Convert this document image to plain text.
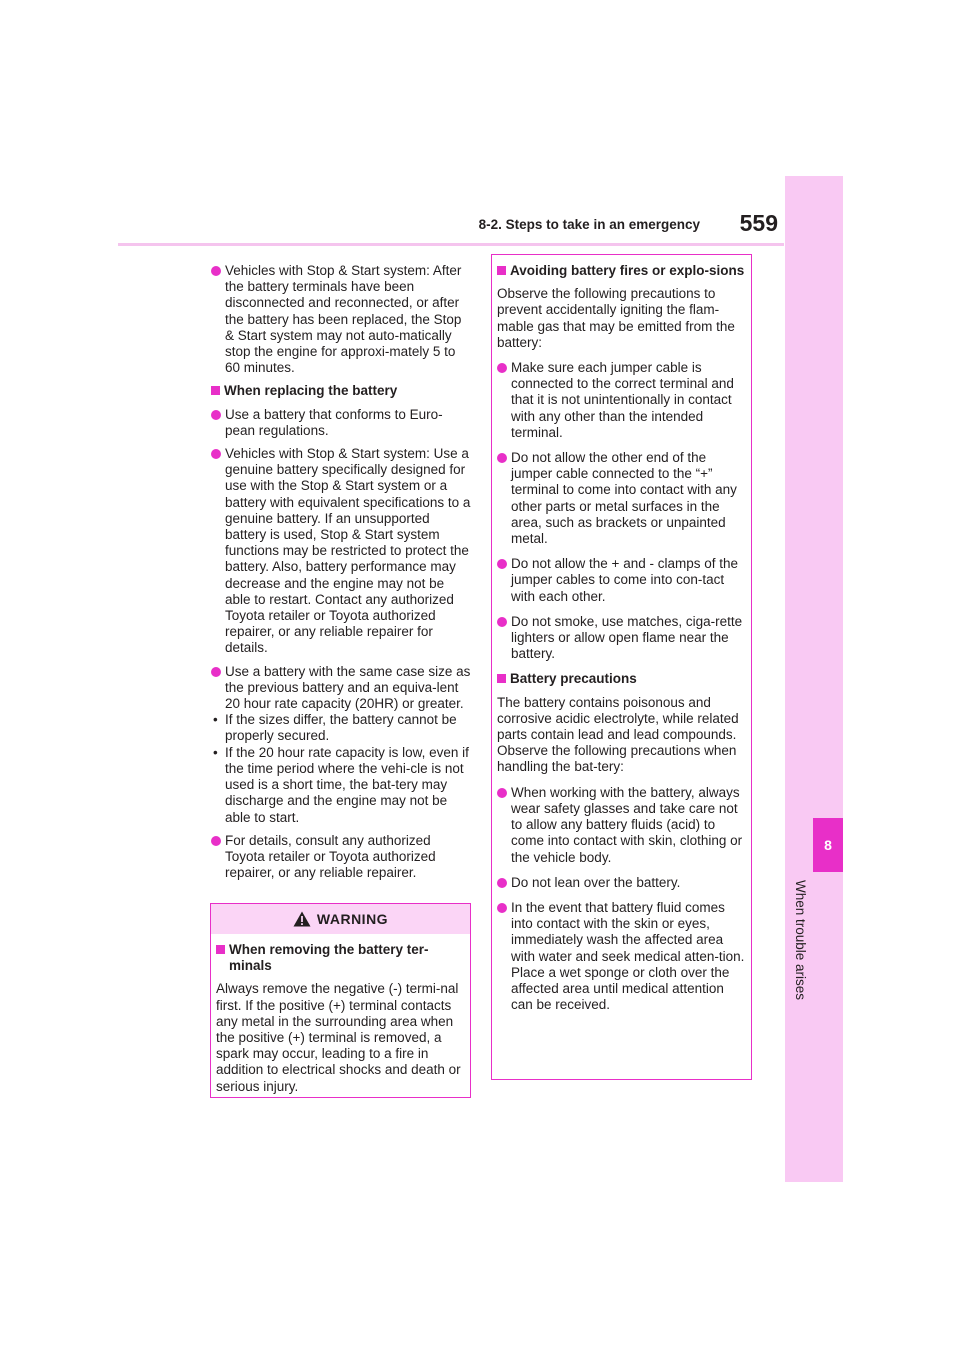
8
When trouble arises
8-2. Steps to take in an emergency	559

Vehicles with Stop & Start system: After the battery terminals have been disconnected and reconnected, or after the battery has been replaced, the Stop & Start system may not auto-matically stop the engine for approxi-mately 5 to 60 minutes.

When replacing the battery

Use a battery that conforms to Euro-pean regulations.

Vehicles with Stop & Start system: Use a genuine battery specifically designed for use with the Stop & Start system or a battery with equivalent specifications to a genuine battery. If an unsupported battery is used, Stop & Start system functions may be restricted to protect the battery. Also, battery performance may decrease and the engine may not be able to restart. Contact any authorized Toyota retailer or Toyota authorized repairer, or any reliable repairer for details.

Use a battery with the same case size as the previous battery and an equiva-lent 20 hour rate capacity (20HR) or greater.

• If the sizes differ, the battery cannot be properly secured.

• If the 20 hour rate capacity is low, even if the time period where the vehi-cle is not used is a short time, the bat-tery may discharge and the engine may not be able to start.

For details, consult any authorized Toyota retailer or Toyota authorized repairer, or any reliable repairer.

WARNING

When removing the battery ter-minals

Always remove the negative (-) termi-nal first. If the positive (+) terminal contacts any metal in the surrounding area when the positive (+) terminal is removed, a spark may occur, leading to a fire in addition to electrical shocks and death or serious injury.

Avoiding battery fires or explo-sions

Observe the following precautions to prevent accidentally igniting the flam-mable gas that may be emitted from the battery:

Make sure each jumper cable is connected to the correct terminal and that it is not unintentionally in contact with any other than the intended terminal.

Do not allow the other end of the jumper cable connected to the “+” terminal to come into contact with any other parts or metal surfaces in the area, such as brackets or unpainted metal.

Do not allow the + and - clamps of the jumper cables to come into con-tact with each other.

Do not smoke, use matches, ciga-rette lighters or allow open flame near the battery.

Battery precautions

The battery contains poisonous and corrosive acidic electrolyte, while related parts contain lead and lead compounds. Observe the following precautions when handling the bat-tery:

When working with the battery, always wear safety glasses and take care not to allow any battery fluids (acid) to come into contact with skin, clothing or the vehicle body.

Do not lean over the battery.

In the event that battery fluid comes into contact with the skin or eyes, immediately wash the affected area with water and seek medical atten-tion. Place a wet sponge or cloth over the affected area until medical attention can be received.
